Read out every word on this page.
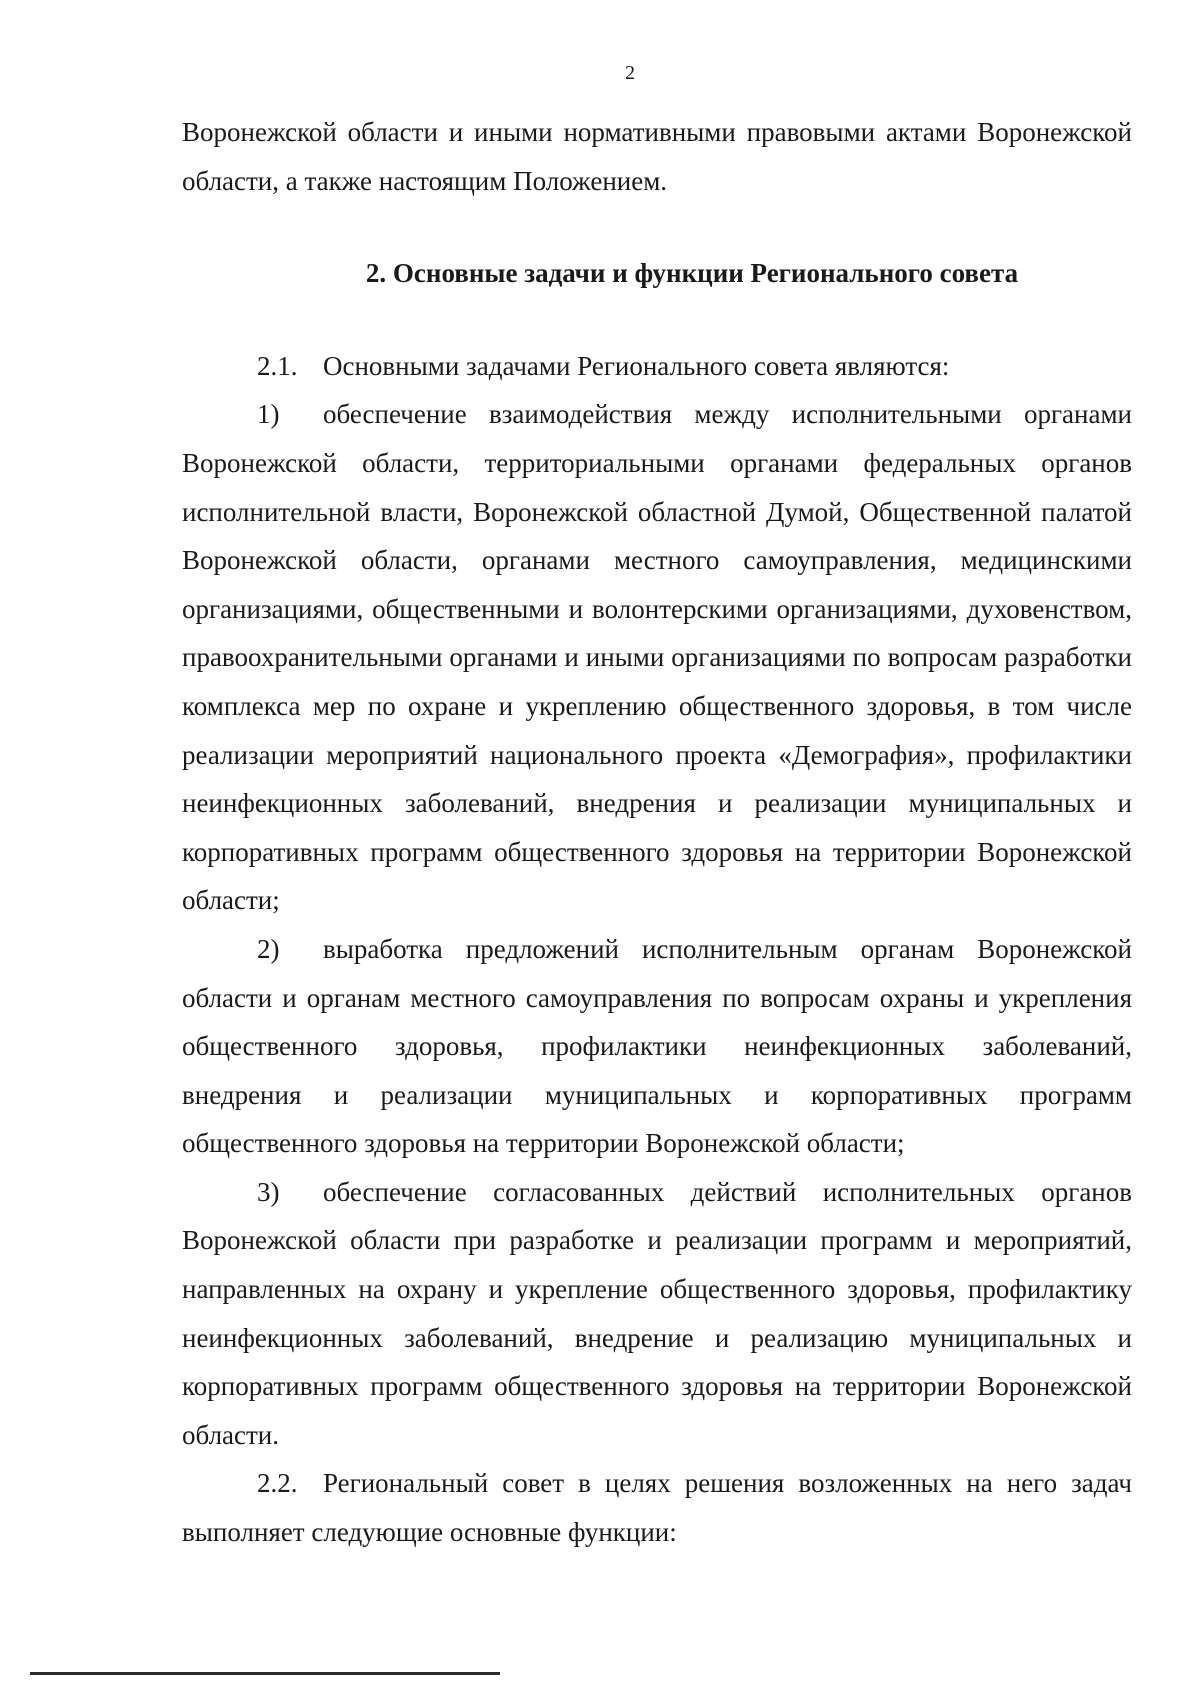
2

Воронежской области и иными нормативными правовыми актами Воронежской области, а также настоящим Положением.

2. Основные задачи и функции Регионального совета

2.1. Основными задачами Регионального совета являются:

1) обеспечение взаимодействия между исполнительными органами Воронежской области, территориальными органами федеральных органов исполнительной власти, Воронежской областной Думой, Общественной палатой Воронежской области, органами местного самоуправления, медицинскими организациями, общественными и волонтерскими организациями, духовенством, правоохранительными органами и иными организациями по вопросам разработки комплекса мер по охране и укреплению общественного здоровья, в том числе реализации мероприятий национального проекта «Демография», профилактики неинфекционных заболеваний, внедрения и реализации муниципальных и корпоративных программ общественного здоровья на территории Воронежской области;

2) выработка предложений исполнительным органам Воронежской области и органам местного самоуправления по вопросам охраны и укрепления общественного здоровья, профилактики неинфекционных заболеваний, внедрения и реализации муниципальных и корпоративных программ общественного здоровья на территории Воронежской области;

3) обеспечение согласованных действий исполнительных органов Воронежской области при разработке и реализации программ и мероприятий, направленных на охрану и укрепление общественного здоровья, профилактику неинфекционных заболеваний, внедрение и реализацию муниципальных и корпоративных программ общественного здоровья на территории Воронежской области.

2.2. Региональный совет в целях решения возложенных на него задач выполняет следующие основные функции:
